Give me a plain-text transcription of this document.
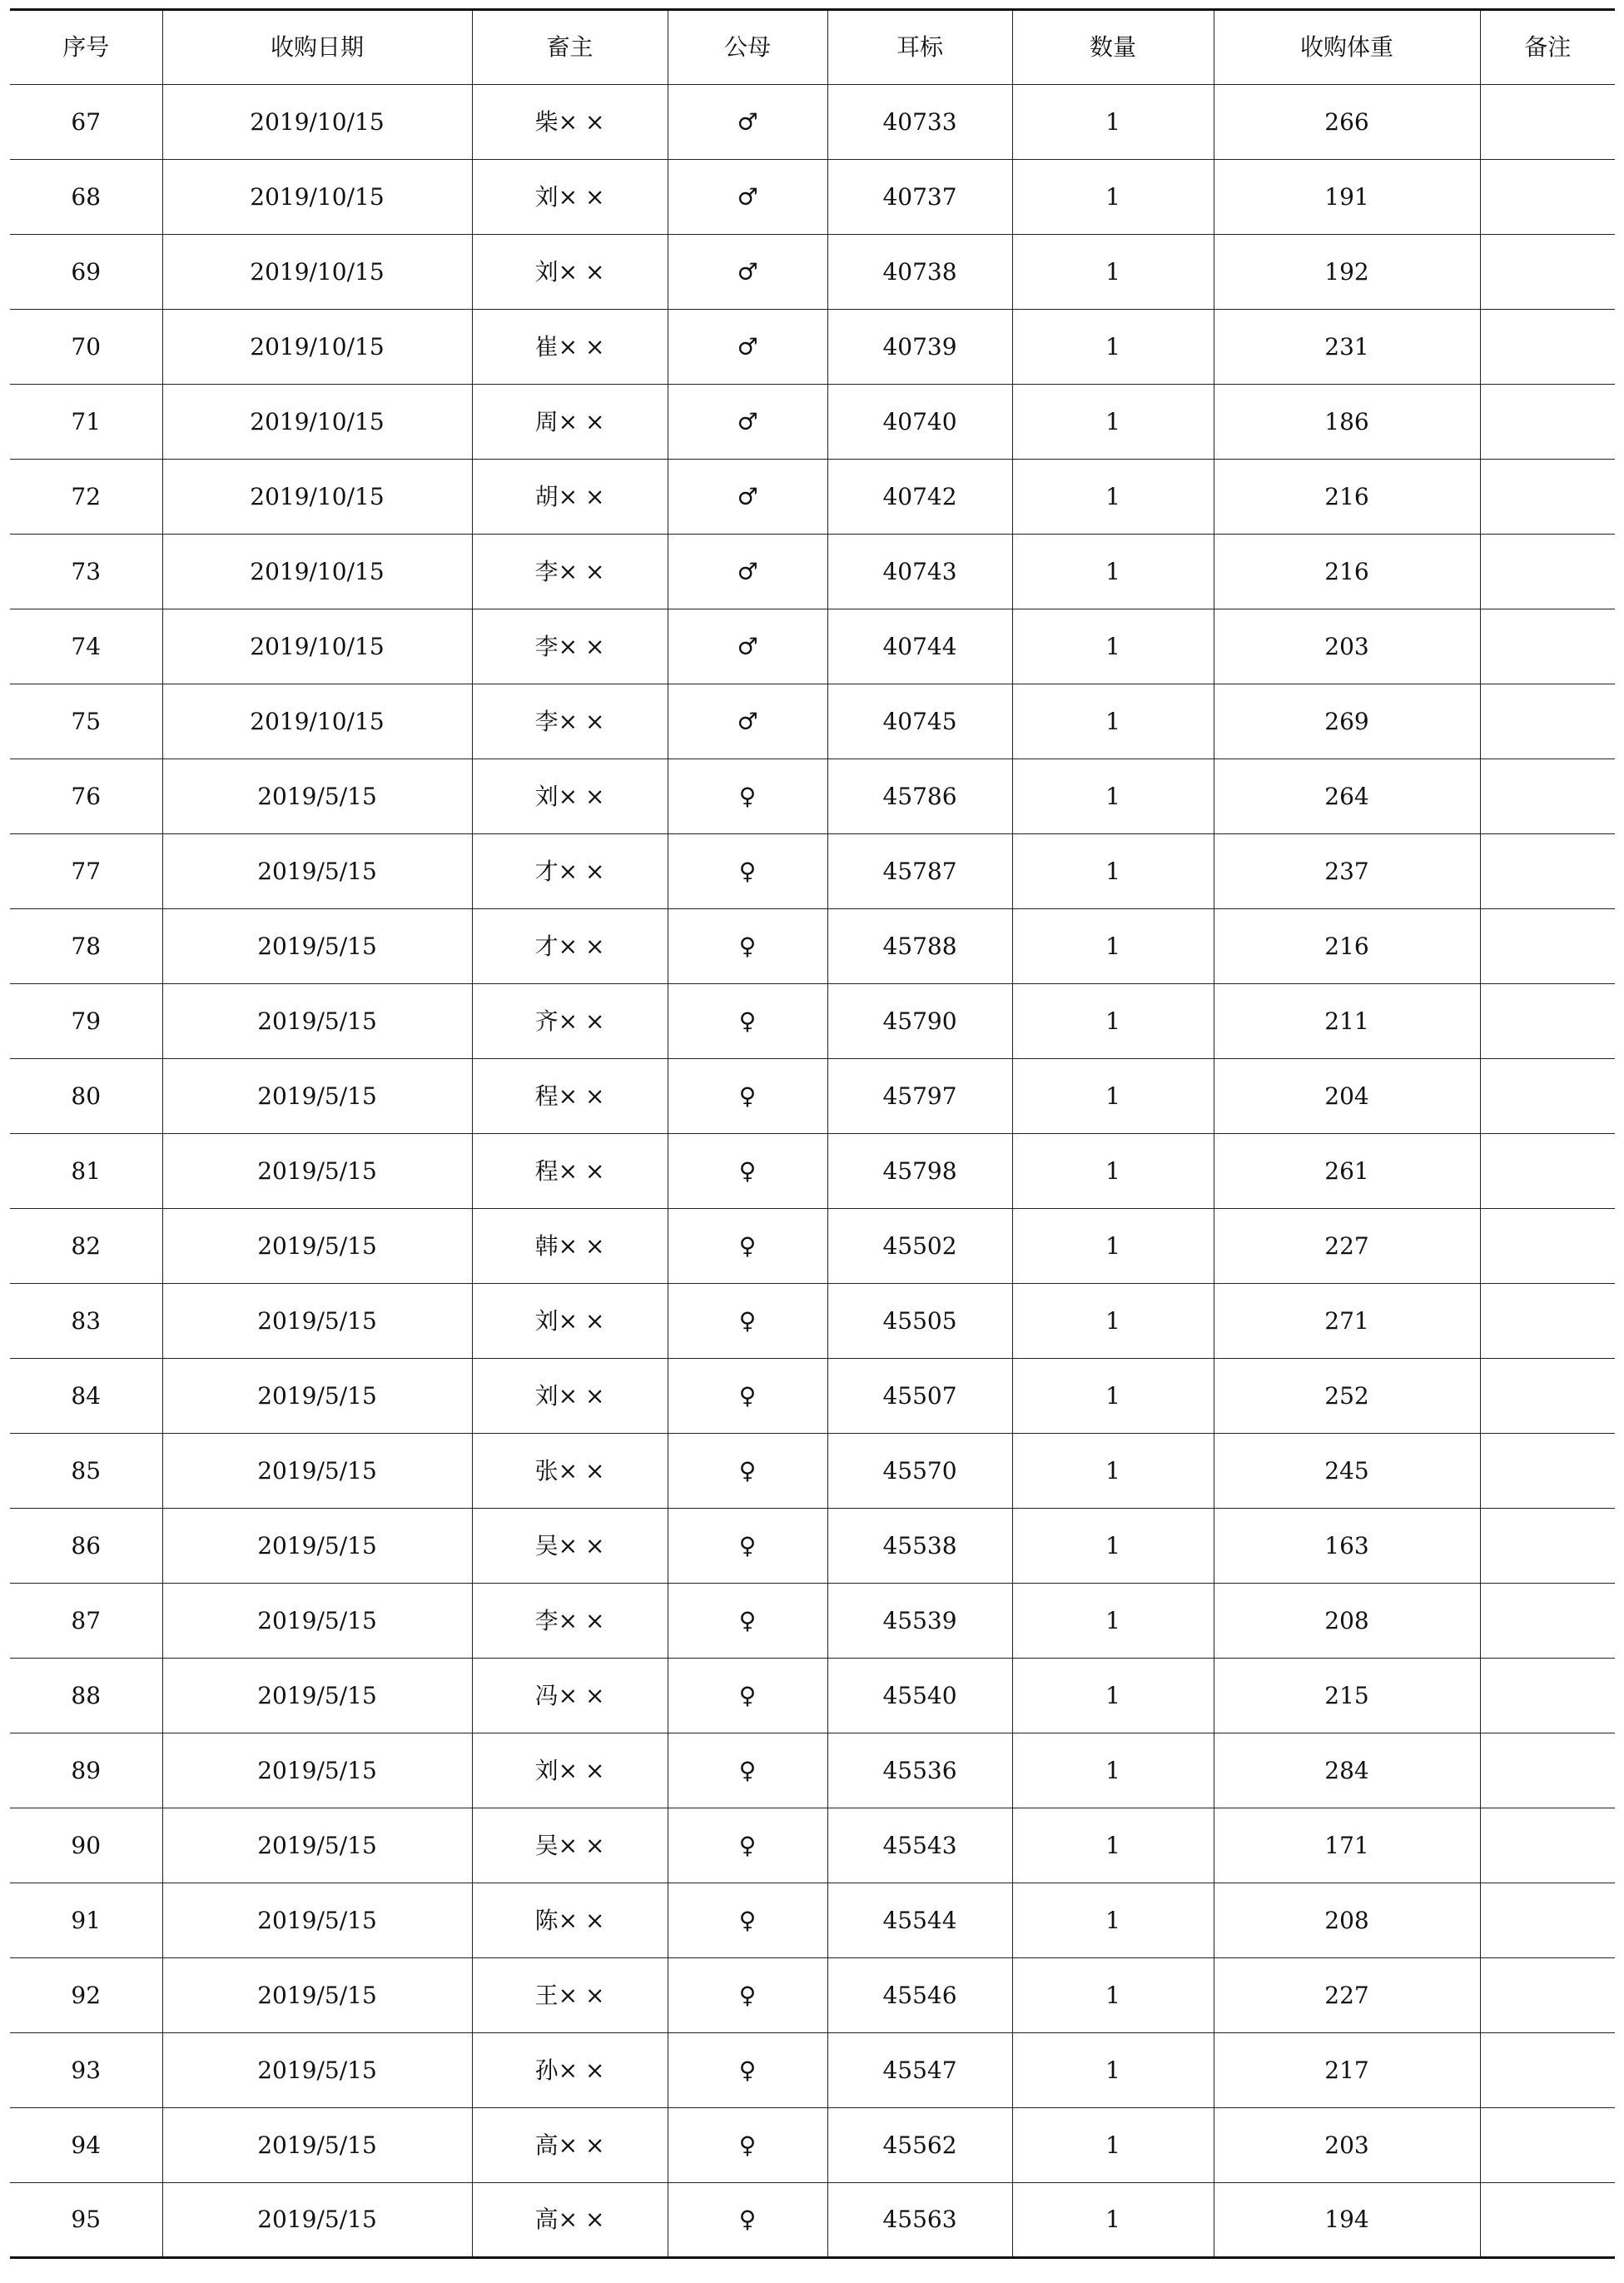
序号	收购日期	畜主	公母	耳标	数量	收购体重	备注
67	2019/10/15	柴× ×	♂	40733	1	266	
68	2019/10/15	刘× ×	♂	40737	1	191	
69	2019/10/15	刘× ×	♂	40738	1	192	
70	2019/10/15	崔× ×	♂	40739	1	231	
71	2019/10/15	周× ×	♂	40740	1	186	
72	2019/10/15	胡× ×	♂	40742	1	216	
73	2019/10/15	李× ×	♂	40743	1	216	
74	2019/10/15	李× ×	♂	40744	1	203	
75	2019/10/15	李× ×	♂	40745	1	269	
76	2019/5/15	刘× ×	♀	45786	1	264	
77	2019/5/15	才× ×	♀	45787	1	237	
78	2019/5/15	才× ×	♀	45788	1	216	
79	2019/5/15	齐× ×	♀	45790	1	211	
80	2019/5/15	程× ×	♀	45797	1	204	
81	2019/5/15	程× ×	♀	45798	1	261	
82	2019/5/15	韩× ×	♀	45502	1	227	
83	2019/5/15	刘× ×	♀	45505	1	271	
84	2019/5/15	刘× ×	♀	45507	1	252	
85	2019/5/15	张× ×	♀	45570	1	245	
86	2019/5/15	吴× ×	♀	45538	1	163	
87	2019/5/15	李× ×	♀	45539	1	208	
88	2019/5/15	冯× ×	♀	45540	1	215	
89	2019/5/15	刘× ×	♀	45536	1	284	
90	2019/5/15	吴× ×	♀	45543	1	171	
91	2019/5/15	陈× ×	♀	45544	1	208	
92	2019/5/15	王× ×	♀	45546	1	227	
93	2019/5/15	孙× ×	♀	45547	1	217	
94	2019/5/15	高× ×	♀	45562	1	203	
95	2019/5/15	高× ×	♀	45563	1	194	
